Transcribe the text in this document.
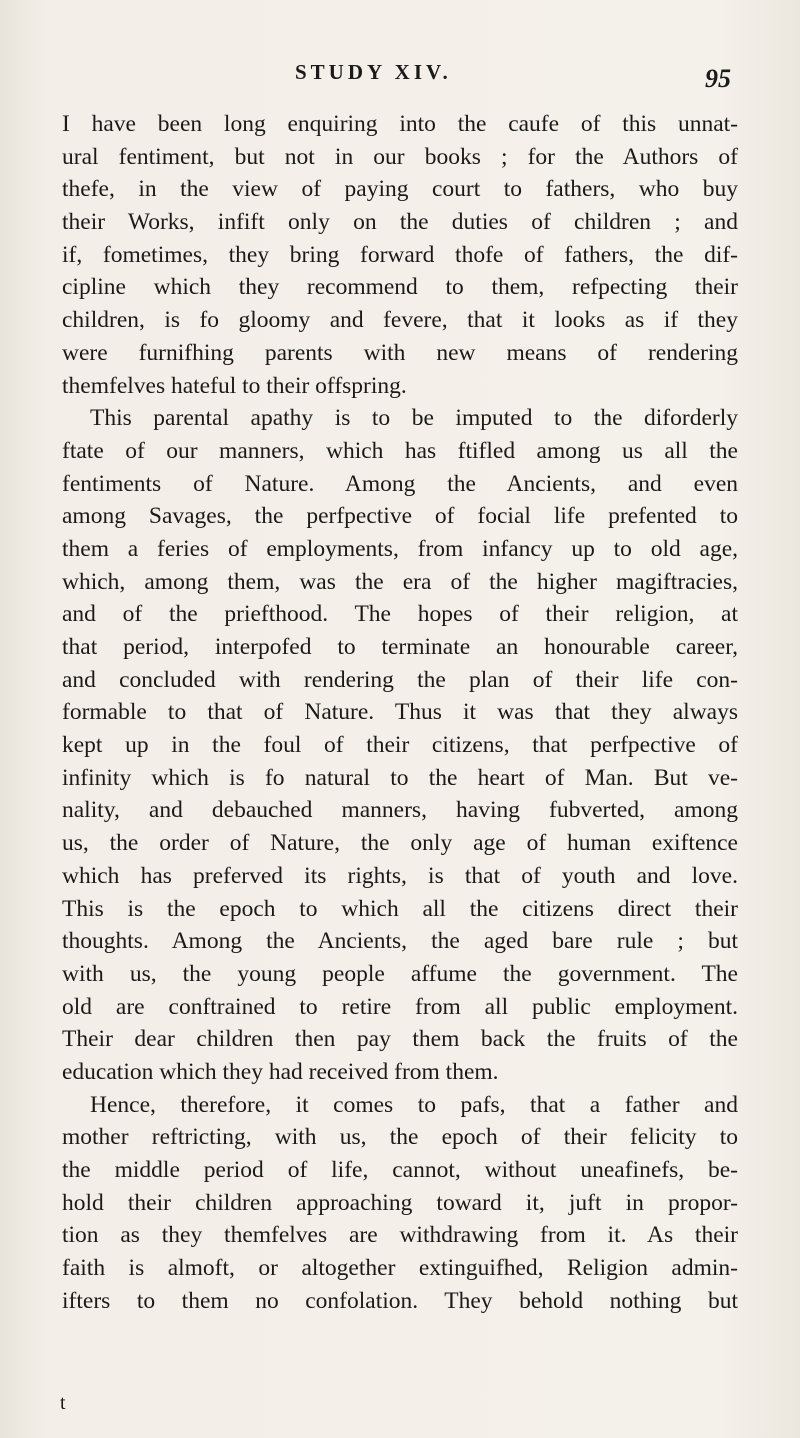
STUDY XIV.	95
I have been long enquiring into the caufe of this unnat-
ural fentiment, but not in our books ; for the Authors of
thefe, in the view of paying court to fathers, who buy
their Works, infift only on the duties of children ; and
if, fometimes, they bring forward thofe of fathers, the dif-
cipline which they recommend to them, refpecting their
children, is fo gloomy and fevere, that it looks as if they
were furnifhing parents with new means of rendering
themfelves hateful to their offspring.
This parental apathy is to be imputed to the diforderly
ftate of our manners, which has ftifled among us all the
fentiments of Nature. Among the Ancients, and even
among Savages, the perfpective of focial life prefented to
them a feries of employments, from infancy up to old age,
which, among them, was the era of the higher magiftracies,
and of the priefthood. The hopes of their religion, at
that period, interpofed to terminate an honourable career,
and concluded with rendering the plan of their life con-
formable to that of Nature. Thus it was that they always
kept up in the foul of their citizens, that perfpective of
infinity which is fo natural to the heart of Man. But ve-
nality, and debauched manners, having fubverted, among
us, the order of Nature, the only age of human exiftence
which has preferved its rights, is that of youth and love.
This is the epoch to which all the citizens direct their
thoughts. Among the Ancients, the aged bare rule ; but
with us, the young people affume the government. The
old are conftrained to retire from all public employment.
Their dear children then pay them back the fruits of the
education which they had received from them.
Hence, therefore, it comes to pafs, that a father and
mother reftricting, with us, the epoch of their felicity to
the middle period of life, cannot, without uneafinefs, be-
hold their children approaching toward it, juft in propor-
tion as they themfelves are withdrawing from it. As their
faith is almoft, or altogether extinguifhed, Religion admin-
ifters to them no confolation. They behold nothing but
t
